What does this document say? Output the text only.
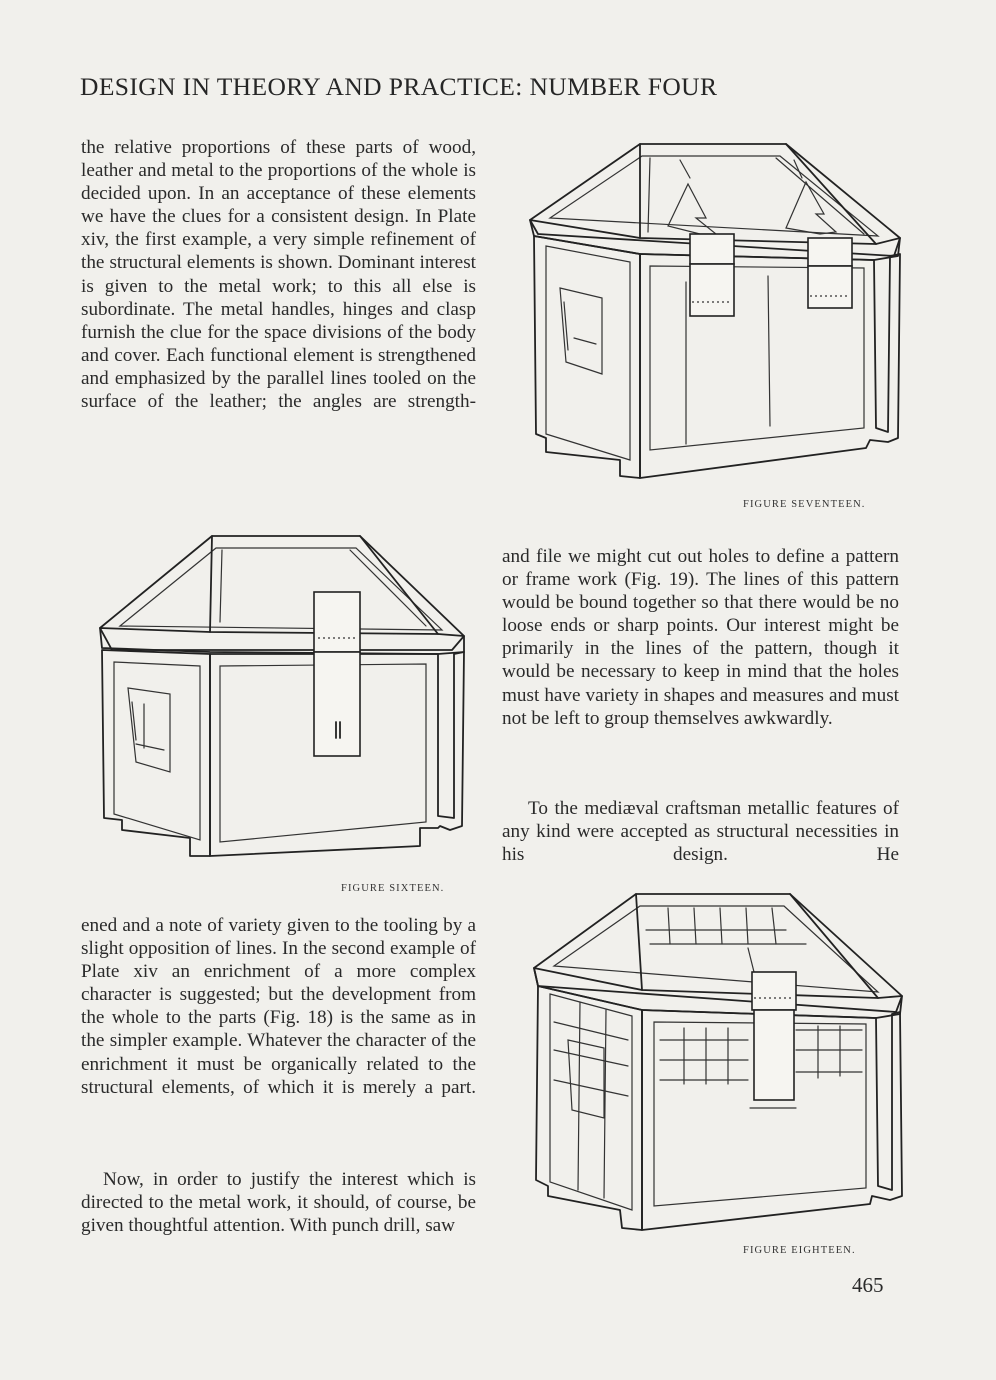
DESIGN IN THEORY AND PRACTICE: NUMBER FOUR

the relative proportions of these parts of wood, leather and metal to the proportions of the whole is decided upon. In an acceptance of these elements we have the clues for a consistent design. In Plate xiv, the first example, a very simple refinement of the structural elements is shown. Dominant interest is given to the metal work; to this all else is subordinate. The metal handles, hinges and clasp furnish the clue for the space divisions of the body and cover. Each functional element is strengthened and emphasized by the parallel lines tooled on the surface of the leather; the angles are strength-

FIGURE SIXTEEN.

ened and a note of variety given to the tooling by a slight opposition of lines. In the second example of Plate xiv an enrichment of a more complex character is suggested; but the development from the whole to the parts (Fig. 18) is the same as in the simpler example. Whatever the character of the enrichment it must be organically related to the structural elements, of which it is merely a part.

Now, in order to justify the interest which is directed to the metal work, it should, of course, be given thoughtful attention. With punch drill, saw

FIGURE SEVENTEEN.

and file we might cut out holes to define a pattern or frame work (Fig. 19). The lines of this pattern would be bound together so that there would be no loose ends or sharp points. Our interest might be primarily in the lines of the pattern, though it would be necessary to keep in mind that the holes must have variety in shapes and measures and must not be left to group themselves awkwardly.

To the mediæval craftsman metallic features of any kind were accepted as structural necessities in his design. He

FIGURE EIGHTEEN.
465
